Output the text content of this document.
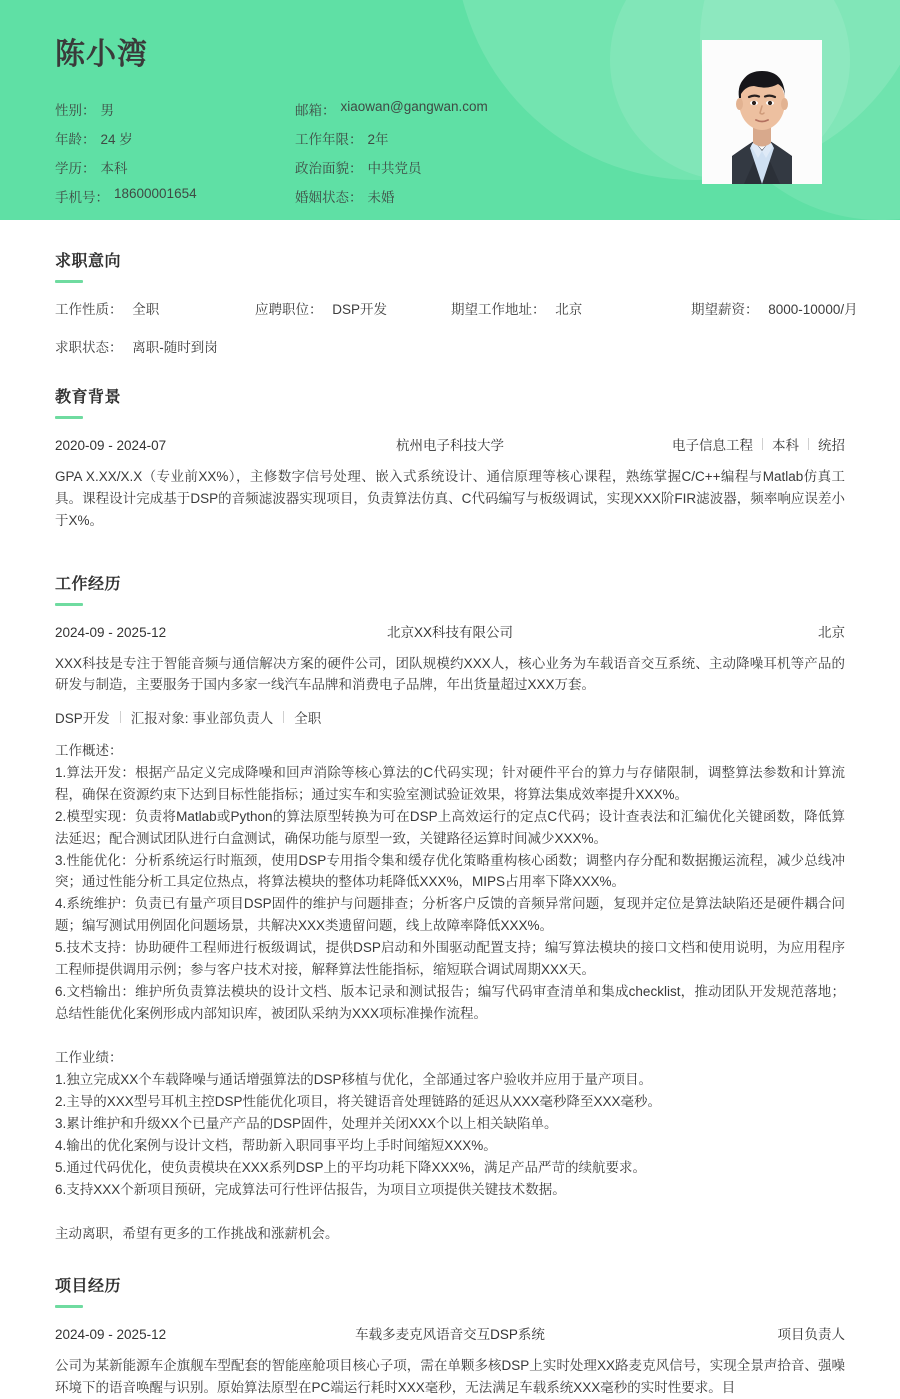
陈小湾
性别： 男	邮箱： xiaowan@gangwan.com
年龄： 24 岁	工作年限： 2年
学历： 本科	政治面貌： 中共党员
手机号： 18600001654	婚姻状态： 未婚
求职意向
工作性质： 全职	应聘职位： DSP开发	期望工作地址： 北京	期望薪资： 8000-10000/月
求职状态： 离职-随时到岗
教育背景
2020-09 - 2024-07	杭州电子科技大学	电子信息工程	本科	统招
GPA X.XX/X.X（专业前XX%），主修数字信号处理、嵌入式系统设计、通信原理等核心课程，熟练掌握C/C++编程与Matlab仿真工具。课程设计完成基于DSP的音频滤波器实现项目，负责算法仿真、C代码编写与板级调试，实现XXX阶FIR滤波器，频率响应误差小于X%。
工作经历
2024-09 - 2025-12	北京XX科技有限公司	北京
XXX科技是专注于智能音频与通信解决方案的硬件公司，团队规模约XXX人，核心业务为车载语音交互系统、主动降噪耳机等产品的研发与制造，主要服务于国内多家一线汽车品牌和消费电子品牌，年出货量超过XXX万套。
DSP开发	汇报对象: 事业部负责人	全职
工作概述：
1.算法开发：根据产品定义完成降噪和回声消除等核心算法的C代码实现；针对硬件平台的算力与存储限制，调整算法参数和计算流程，确保在资源约束下达到目标性能指标；通过实车和实验室测试验证效果，将算法集成效率提升XXX%。
2.模型实现：负责将Matlab或Python的算法原型转换为可在DSP上高效运行的定点C代码；设计查表法和汇编优化关键函数，降低算法延迟；配合测试团队进行白盒测试，确保功能与原型一致，关键路径运算时间减少XXX%。
3.性能优化：分析系统运行时瓶颈，使用DSP专用指令集和缓存优化策略重构核心函数；调整内存分配和数据搬运流程，减少总线冲突；通过性能分析工具定位热点，将算法模块的整体功耗降低XXX%，MIPS占用率下降XXX%。
4.系统维护：负责已有量产项目DSP固件的维护与问题排查；分析客户反馈的音频异常问题，复现并定位是算法缺陷还是硬件耦合问题；编写测试用例固化问题场景，共解决XXX类遗留问题，线上故障率降低XXX%。
5.技术支持：协助硬件工程师进行板级调试，提供DSP启动和外围驱动配置支持；编写算法模块的接口文档和使用说明，为应用程序工程师提供调用示例；参与客户技术对接，解释算法性能指标，缩短联合调试周期XXX天。
6.文档输出：维护所负责算法模块的设计文档、版本记录和测试报告；编写代码审查清单和集成checklist，推动团队开发规范落地；总结性能优化案例形成内部知识库，被团队采纳为XXX项标准操作流程。
工作业绩：
1.独立完成XX个车载降噪与通话增强算法的DSP移植与优化，全部通过客户验收并应用于量产项目。
2.主导的XXX型号耳机主控DSP性能优化项目，将关键语音处理链路的延迟从XXX毫秒降至XXX毫秒。
3.累计维护和升级XX个已量产产品的DSP固件，处理并关闭XXX个以上相关缺陷单。
4.输出的优化案例与设计文档，帮助新入职同事平均上手时间缩短XXX%。
5.通过代码优化，使负责模块在XXX系列DSP上的平均功耗下降XXX%，满足产品严苛的续航要求。
6.支持XXX个新项目预研，完成算法可行性评估报告，为项目立项提供关键技术数据。
主动离职，希望有更多的工作挑战和涨薪机会。
项目经历
2024-09 - 2025-12	车载多麦克风语音交互DSP系统	项目负责人
公司为某新能源车企旗舰车型配套的智能座舱项目核心子项，需在单颗多核DSP上实时处理XX路麦克风信号，实现全景声拾音、强噪环境下的语音唤醒与识别。原始算法原型在PC端运行耗时XXX毫秒，无法满足车载系统XXX毫秒的实时性要求。目
